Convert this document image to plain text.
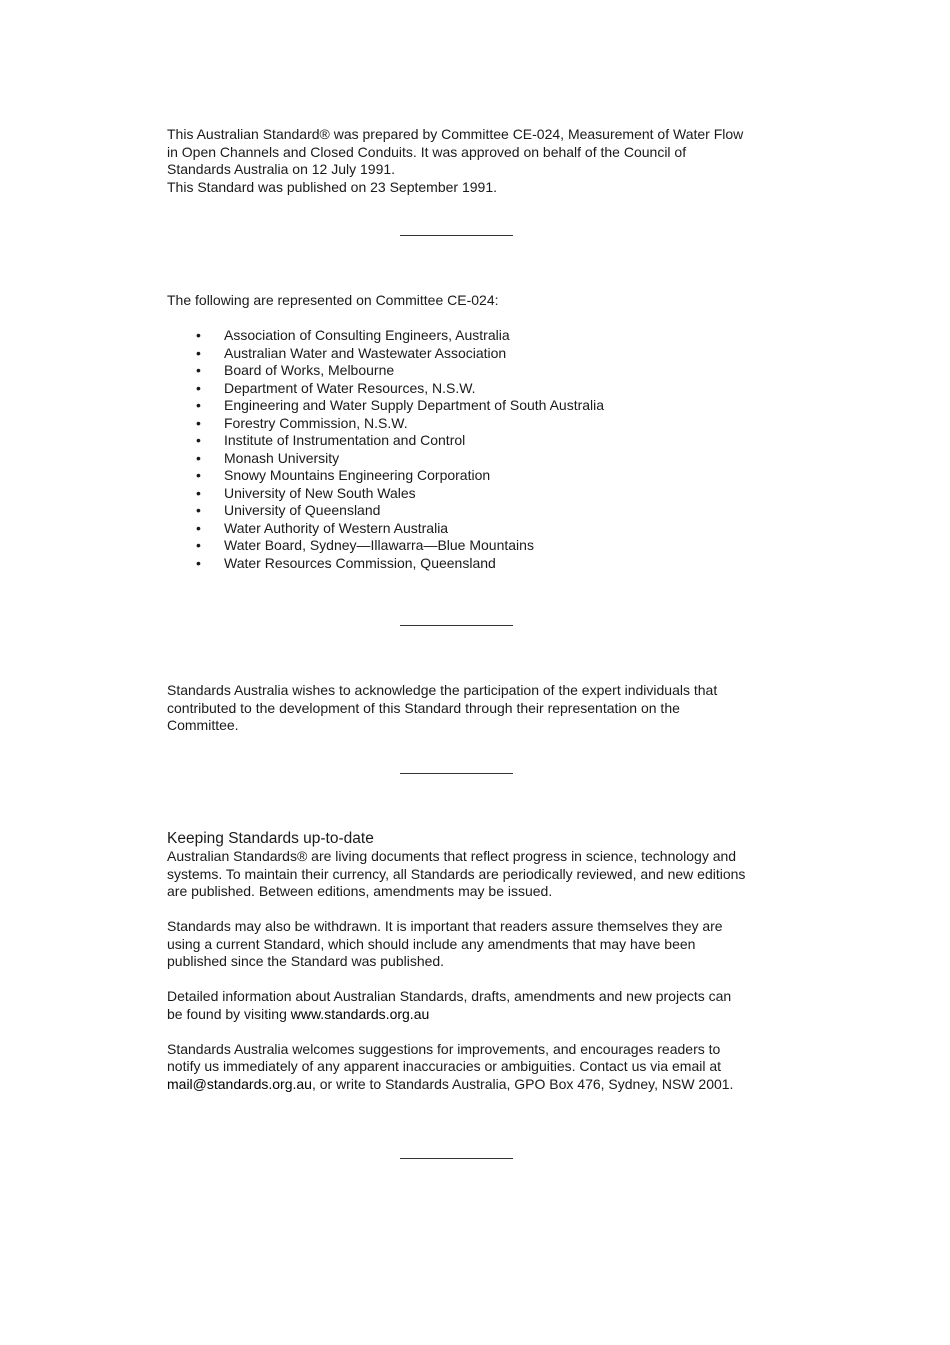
This Australian Standard® was prepared by Committee CE-024, Measurement of Water Flow
in Open Channels and Closed Conduits. It was approved on behalf of the Council of
Standards Australia on 12 July 1991.
This Standard was published on 23 September 1991.
The following are represented on Committee CE-024:
• Association of Consulting Engineers, Australia
• Australian Water and Wastewater Association
• Board of Works, Melbourne
• Department of Water Resources, N.S.W.
• Engineering and Water Supply Department of South Australia
• Forestry Commission, N.S.W.
• Institute of Instrumentation and Control
• Monash University
• Snowy Mountains Engineering Corporation
• University of New South Wales
• University of Queensland
• Water Authority of Western Australia
• Water Board, Sydney—Illawarra—Blue Mountains
• Water Resources Commission, Queensland
Standards Australia wishes to acknowledge the participation of the expert individuals that
contributed to the development of this Standard through their representation on the
Committee.
Keeping Standards up-to-date
Australian Standards® are living documents that reflect progress in science, technology and
systems. To maintain their currency, all Standards are periodically reviewed, and new editions
are published. Between editions, amendments may be issued.
Standards may also be withdrawn. It is important that readers assure themselves they are
using a current Standard, which should include any amendments that may have been
published since the Standard was published.
Detailed information about Australian Standards, drafts, amendments and new projects can
be found by visiting www.standards.org.au
Standards Australia welcomes suggestions for improvements, and encourages readers to
notify us immediately of any apparent inaccuracies or ambiguities. Contact us via email at
mail@standards.org.au, or write to Standards Australia, GPO Box 476, Sydney, NSW 2001.
